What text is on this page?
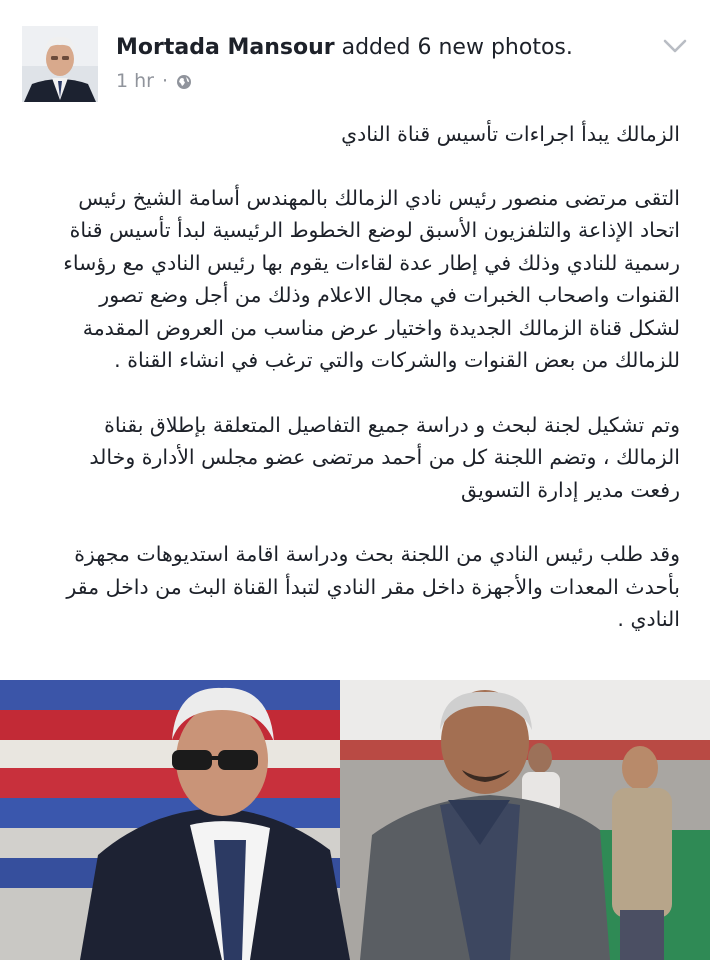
Mortada Mansour added 6 new photos.
1 hr ·

الزمالك يبدأ اجراءات تأسيس قناة النادي

التقى مرتضى منصور رئيس نادي الزمالك بالمهندس أسامة الشيخ رئيس اتحاد الإذاعة والتلفزيون الأسبق لوضع الخطوط الرئيسية لبدأ تأسيس قناة رسمية للنادي وذلك في إطار عدة لقاءات يقوم بها رئيس النادي مع رؤساء القنوات واصحاب الخبرات في مجال الاعلام وذلك من أجل وضع تصور لشكل قناة الزمالك الجديدة واختيار عرض مناسب من العروض المقدمة للزمالك من بعض القنوات والشركات والتي ترغب في انشاء القناة .

وتم تشكيل لجنة لبحث و دراسة جميع التفاصيل المتعلقة بإطلاق بقناة الزمالك ، وتضم اللجنة كل من أحمد مرتضى عضو مجلس الأدارة وخالد رفعت مدير إدارة التسويق

وقد طلب رئيس النادي من اللجنة بحث ودراسة اقامة استديوهات مجهزة بأحدث المعدات والأجهزة داخل مقر النادي لتبدأ القناة البث من داخل مقر النادي .
